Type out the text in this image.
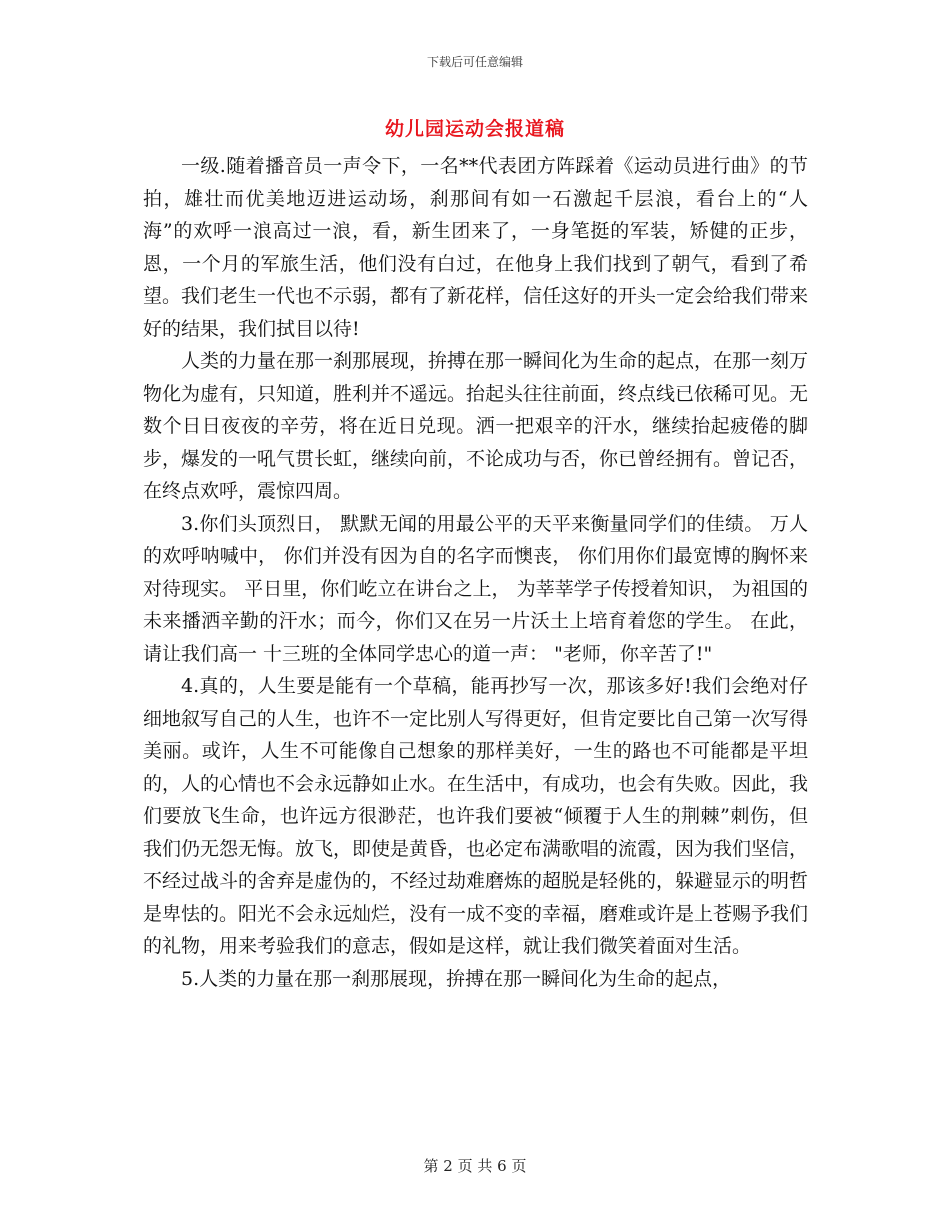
下载后可任意编辑
幼儿园运动会报道稿

一级.随着播音员一声令下，一名**代表团方阵踩着《运动员进行曲》的节拍，雄壮而优美地迈进运动场，刹那间有如一石激起千层浪，看台上的“人海”的欢呼一浪高过一浪，看，新生团来了，一身笔挺的军装，矫健的正步，恩，一个月的军旅生活，他们没有白过，在他身上我们找到了朝气，看到了希望。我们老生一代也不示弱，都有了新花样，信任这好的开头一定会给我们带来好的结果，我们拭目以待!

人类的力量在那一刹那展现，拚搏在那一瞬间化为生命的起点，在那一刻万物化为虚有，只知道，胜利并不遥远。抬起头往往前面，终点线已依稀可见。无数个日日夜夜的辛劳，将在近日兑现。洒一把艰辛的汗水，继续抬起疲倦的脚步，爆发的一吼气贯长虹，继续向前，不论成功与否，你已曾经拥有。曾记否，在终点欢呼，震惊四周。

3.你们头顶烈日， 默默无闻的用最公平的天平来衡量同学们的佳绩。 万人的欢呼呐喊中， 你们并没有因为自的名字而懊丧， 你们用你们最宽博的胸怀来对待现实。 平日里，你们屹立在讲台之上， 为莘莘学子传授着知识， 为祖国的未来播洒辛勤的汗水；而今，你们又在另一片沃土上培育着您的学生。 在此，请让我们高一 十三班的全体同学忠心的道一声： "老师，你辛苦了!"

4.真的，人生要是能有一个草稿，能再抄写一次，那该多好!我们会绝对仔细地叙写自己的人生，也许不一定比别人写得更好，但肯定要比自己第一次写得美丽。或许，人生不可能像自己想象的那样美好，一生的路也不可能都是平坦的，人的心情也不会永远静如止水。在生活中，有成功，也会有失败。因此，我们要放飞生命，也许远方很渺茫，也许我们要被“倾覆于人生的荆棘”刺伤，但我们仍无怨无悔。放飞，即使是黄昏，也必定布满歌唱的流霞，因为我们坚信，不经过战斗的舍弃是虚伪的，不经过劫难磨炼的超脱是轻佻的，躲避显示的明哲是卑怯的。阳光不会永远灿烂，没有一成不变的幸福，磨难或许是上苍赐予我们的礼物，用来考验我们的意志，假如是这样，就让我们微笑着面对生活。

5.人类的力量在那一刹那展现，拚搏在那一瞬间化为生命的起点，

第 2 页 共 6 页
